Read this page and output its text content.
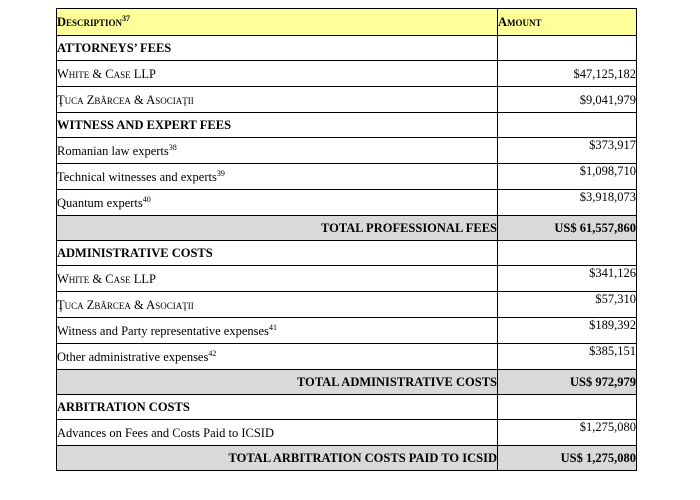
Description$^{37}$	Amount
ATTORNEYS’ FEES	
White & Case LLP	$47,125,182
Ţuca Zbârcea & Asociaţii	$9,041,979
WITNESS AND EXPERT FEES	
Romanian law experts$^{38}$	$373,917
Technical witnesses and experts$^{39}$	$1,098,710
Quantum experts$^{40}$	$3,918,073
TOTAL PROFESSIONAL FEES	US$ 61,557,860
ADMINISTRATIVE COSTS	
White & Case LLP	$341,126
Ţuca Zbârcea & Asociaţii	$57,310
Witness and Party representative expenses$^{41}$	$189,392
Other administrative expenses$^{42}$	$385,151
TOTAL ADMINISTRATIVE COSTS	US$ 972,979
ARBITRATION COSTS	
Advances on Fees and Costs Paid to ICSID	$1,275,080
TOTAL ARBITRATION COSTS PAID TO ICSID	US$ 1,275,080
